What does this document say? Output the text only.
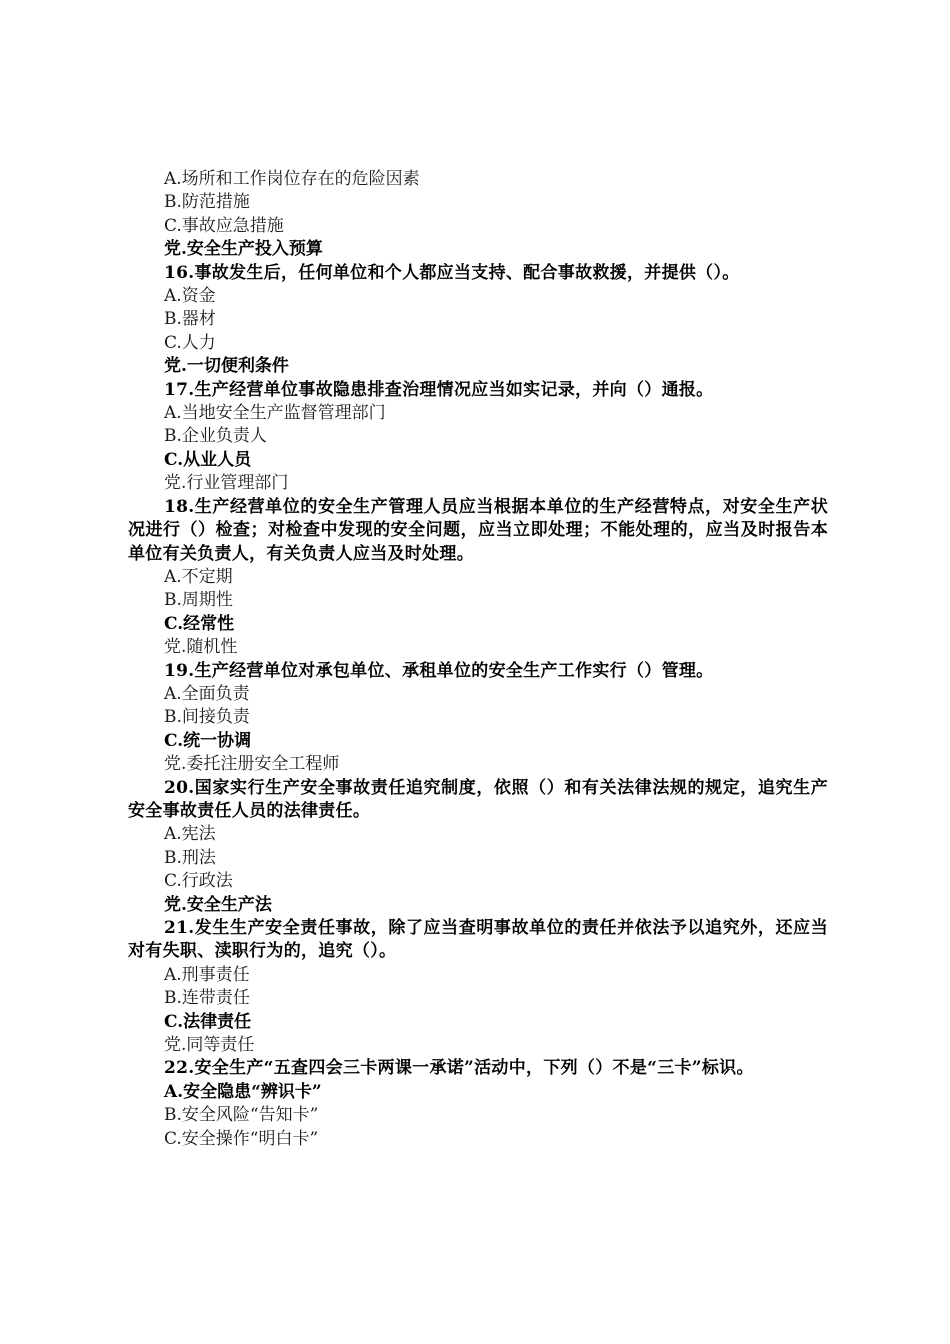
A.场所和工作岗位存在的危险因素

B.防范措施

C.事故应急措施

党.安全生产投入预算

16.事故发生后，任何单位和个人都应当支持、配合事故救援，并提供（）。

A.资金

B.器材

C.人力

党.一切便利条件

17.生产经营单位事故隐患排查治理情况应当如实记录，并向（）通报。

A.当地安全生产监督管理部门

B.企业负责人

C.从业人员

党.行业管理部门

18.生产经营单位的安全生产管理人员应当根据本单位的生产经营特点，对安全生产状况进行（）检查；对检查中发现的安全问题，应当立即处理；不能处理的，应当及时报告本单位有关负责人，有关负责人应当及时处理。

A.不定期

B.周期性

C.经常性

党.随机性

19.生产经营单位对承包单位、承租单位的安全生产工作实行（）管理。

A.全面负责

B.间接负责

C.统一协调

党.委托注册安全工程师

20.国家实行生产安全事故责任追究制度，依照（）和有关法律法规的规定，追究生产安全事故责任人员的法律责任。

A.宪法

B.刑法

C.行政法

党.安全生产法

21.发生生产安全责任事故，除了应当查明事故单位的责任并依法予以追究外，还应当对有失职、渎职行为的，追究（）。

A.刑事责任

B.连带责任

C.法律责任

党.同等责任

22.安全生产“五查四会三卡两课一承诺”活动中，下列（）不是“三卡”标识。

A.安全隐患“辨识卡”

B.安全风险“告知卡”

C.安全操作“明白卡”
